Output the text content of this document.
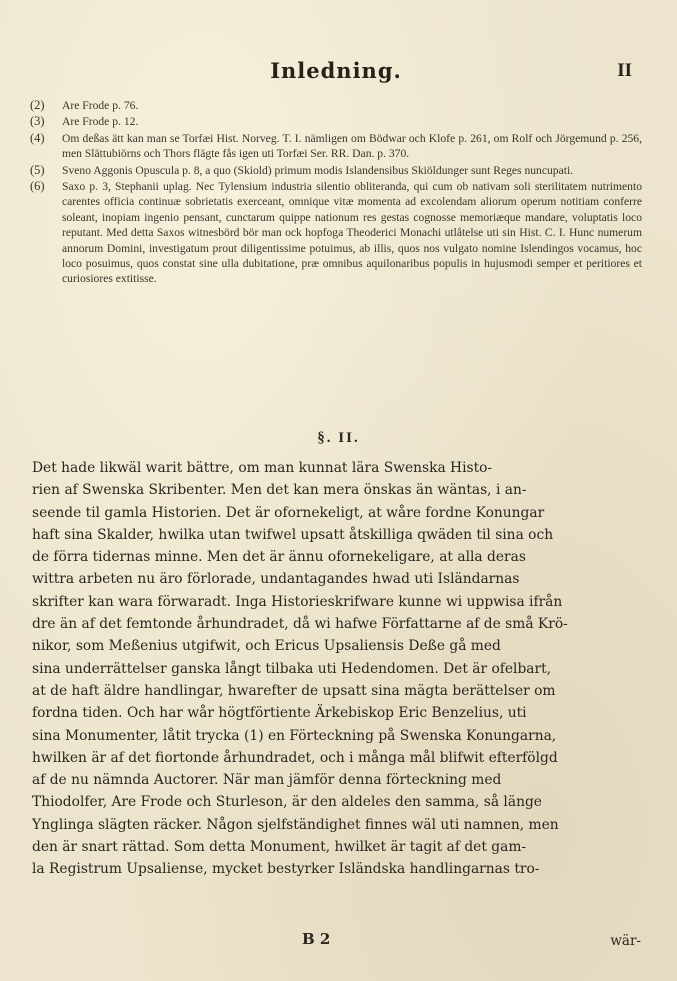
Inledning.	II
(2)	Are Frode p. 76.
(3)	Are Frode p. 12.
(4)	Om deßas ätt kan man se Torfæi Hist. Norveg. T. I. nämligen om Bödwar och Klofe p. 261, om Rolf och Jörgemund p. 256, men Slättubiörns och Thors flägte fås igen uti Torfæi Ser. RR. Dan. p. 370.
(5)	Sveno Aggonis Opuscula p. 8, a quo (Skiold) primum modis Islandensibus Skiöldunger sunt Reges nuncupati.
(6)	Saxo p. 3, Stephanii uplag. Nec Tylensium industria silentio obliteranda, qui cum ob nativam soli sterilitatem nutrimento carentes officia continuæ sobrietatis exerceant, omnique vitæ momenta ad excolendam aliorum operum notitiam conferre soleant, inopiam ingenio pensant, cunctarum quippe nationum res gestas cognosse memoriæque mandare, voluptatis loco reputant. Med detta Saxos witnesbörd bör man ock hopfoga Theoderici Monachi utlåtelse uti sin Hist. C. I. Hunc numerum annorum Domini, investigatum prout diligentissime potuimus, ab illis, quos nos vulgato nomine Islendingos vocamus, hoc loco posuimus, quos constat sine ulla dubitatione, præ omnibus aquilonaribus populis in hujusmodi semper et peritiores et curiosiores extitisse.
§. II.
Det hade likwäl warit bättre, om man kunnat lära Swenska Histo-
rien af Swenska Skribenter. Men det kan mera önskas än wäntas, i an-
seende til gamla Historien. Det är ofornekeligt, at wåre fordne Konungar
haft sina Skalder, hwilka utan twifwel upsatt åtskilliga qwäden til sina och
de förra tidernas minne. Men det är ännu ofornekeligare, at alla deras
wittra arbeten nu äro förlorade, undantagandes hwad uti Isländarnas
skrifter kan wara förwaradt. Inga Historieskrifware kunne wi uppwisa ifrån
dre än af det femtonde århundradet, då wi hafwe Författarne af de små Krö-
nikor, som Meßenius utgifwit, och Ericus Upsaliensis Deße gå med
sina underrättelser ganska långt tilbaka uti Hedendomen. Det är ofelbart,
at de haft äldre handlingar, hwarefter de upsatt sina mägta berättelser om
fordna tiden. Och har wår högtförtiente Ärkebiskop Eric Benzelius, uti
sina Monumenter, låtit trycka (1) en Förteckning på Swenska Konungarna,
hwilken är af det fiortonde århundradet, och i många mål blifwit efterfölgd
af de nu nämnda Auctorer. När man jämför denna förteckning med
Thiodolfer, Are Frode och Sturleson, är den aldeles den samma, så länge
Ynglinga slägten räcker. Någon sjelfständighet finnes wäl uti namnen, men
den är snart rättad. Som detta Monument, hwilket är tagit af det gam-
la Registrum Upsaliense, mycket bestyrker Isländska handlingarnas tro-
B 2	wär-
